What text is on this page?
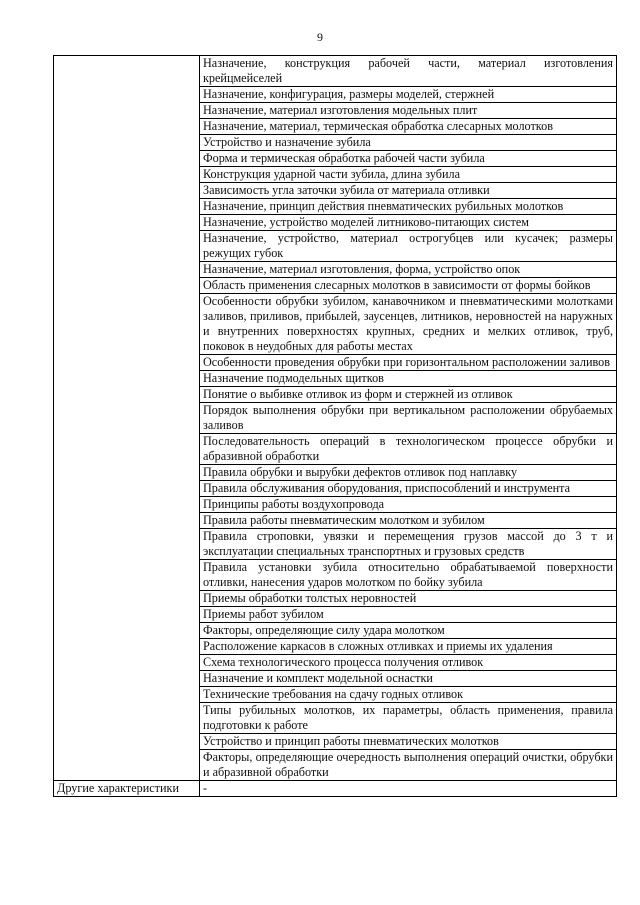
9

	Назначение, конструкция рабочей части, материал изготовления крейцмейселей

	Назначение, конфигурация, размеры моделей, стержней

	Назначение, материал изготовления модельных плит

	Назначение, материал, термическая обработка слесарных молотков

	Устройство и назначение зубила

	Форма и термическая обработка рабочей части зубила

	Конструкция ударной части зубила, длина зубила

	Зависимость угла заточки зубила от материала отливки

	Назначение, принцип действия пневматических рубильных молотков

	Назначение, устройство моделей литниково-питающих систем

	Назначение, устройство, материал острогубцев или кусачек; размеры режущих губок

	Назначение, материал изготовления, форма, устройство опок

	Область применения слесарных молотков в зависимости от формы бойков

	Особенности обрубки зубилом, канавочником и пневматическими молотками заливов, приливов, прибылей, заусенцев, литников, неровностей на наружных и внутренних поверхностях крупных, средних и мелких отливок, труб, поковок в неудобных для работы местах

	Особенности проведения обрубки при горизонтальном расположении заливов

	Назначение подмодельных щитков

	Понятие о выбивке отливок из форм и стержней из отливок

	Порядок выполнения обрубки при вертикальном расположении обрубаемых заливов

	Последовательность операций в технологическом процессе обрубки и абразивной обработки

	Правила обрубки и вырубки дефектов отливок под наплавку

	Правила обслуживания оборудования, приспособлений и инструмента

	Принципы работы воздухопровода

	Правила работы пневматическим молотком и зубилом

	Правила строповки, увязки и перемещения грузов массой до 3 т и эксплуатации специальных транспортных и грузовых средств

	Правила установки зубила относительно обрабатываемой поверхности отливки, нанесения ударов молотком по бойку зубила

	Приемы обработки толстых неровностей

	Приемы работ зубилом

	Факторы, определяющие силу удара молотком

	Расположение каркасов в сложных отливках и приемы их удаления

	Схема технологического процесса получения отливок

	Назначение и комплект модельной оснастки

	Технические требования на сдачу годных отливок

	Типы рубильных молотков, их параметры, область применения, правила подготовки к работе

	Устройство и принцип работы пневматических молотков

	Факторы, определяющие очередность выполнения операций очистки, обрубки и абразивной обработки

Другие характеристики	-
